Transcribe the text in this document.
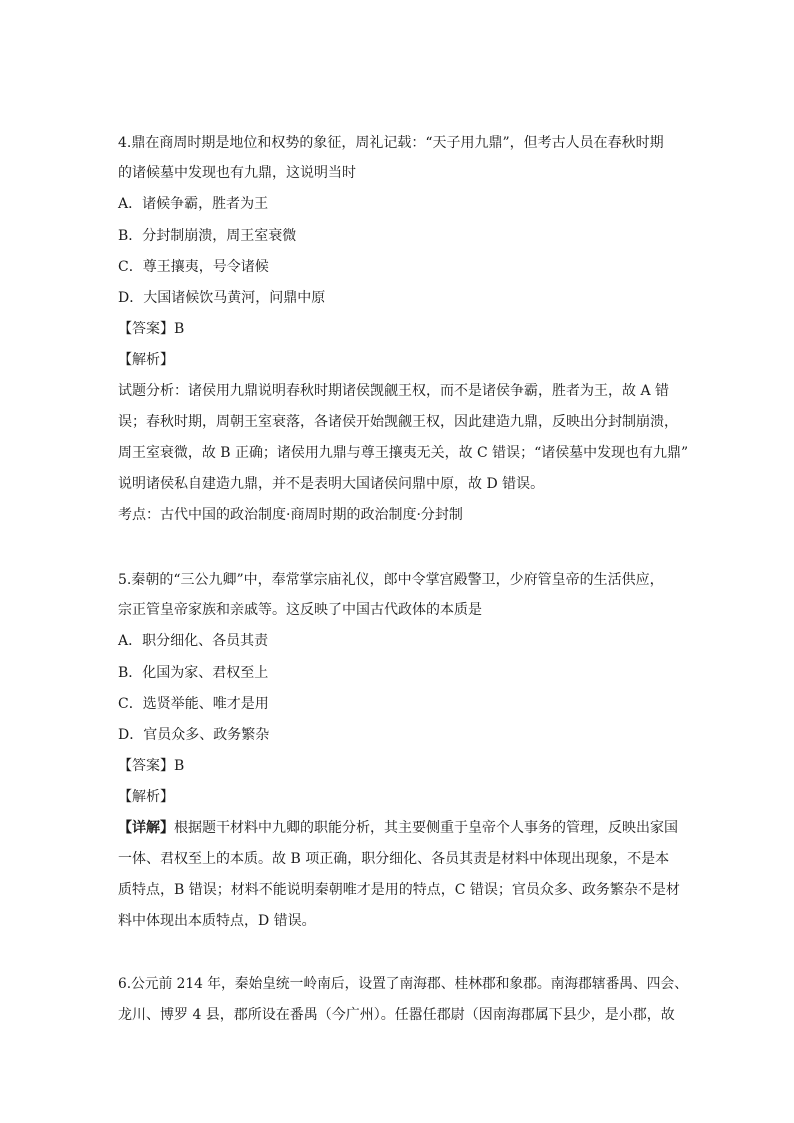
4.鼎在商周时期是地位和权势的象征，周礼记载：“天子用九鼎”，但考古人员在春秋时期
的诸候墓中发现也有九鼎，这说明当时
A．诸候争霸，胜者为王
B．分封制崩溃，周王室衰微
C．尊王攘夷，号令诸候
D．大国诸候饮马黄河，问鼎中原
【答案】B
【解析】
试题分析：诸侯用九鼎说明春秋时期诸侯觊觎王权，而不是诸侯争霸，胜者为王，故 A 错
误；春秋时期，周朝王室衰落，各诸侯开始觊觎王权，因此建造九鼎，反映出分封制崩溃，
周王室衰微，故 B 正确；诸侯用九鼎与尊王攘夷无关，故 C 错误；“诸侯墓中发现也有九鼎”
说明诸侯私自建造九鼎，并不是表明大国诸侯问鼎中原，故 D 错误。
考点：古代中国的政治制度·商周时期的政治制度·分封制
5.秦朝的“三公九卿”中，奉常掌宗庙礼仪，郎中令掌宫殿警卫，少府管皇帝的生活供应，
宗正管皇帝家族和亲戚等。这反映了中国古代政体的本质是
A．职分细化、各员其责
B．化国为家、君权至上
C．选贤举能、唯才是用
D．官员众多、政务繁杂
【答案】B
【解析】
【详解】根据题干材料中九卿的职能分析，其主要侧重于皇帝个人事务的管理，反映出家国
一体、君权至上的本质。故 B 项正确，职分细化、各员其责是材料中体现出现象，不是本
质特点，B 错误；材料不能说明秦朝唯才是用的特点，C 错误；官员众多、政务繁杂不是材
料中体现出本质特点，D 错误。
6.公元前 214 年，秦始皇统一岭南后，设置了南海郡、桂林郡和象郡。南海郡辖番禺、四会、
龙川、博罗 4 县，郡所设在番禺（今广州）。任嚣任郡尉（因南海郡属下县少，是小郡，故
